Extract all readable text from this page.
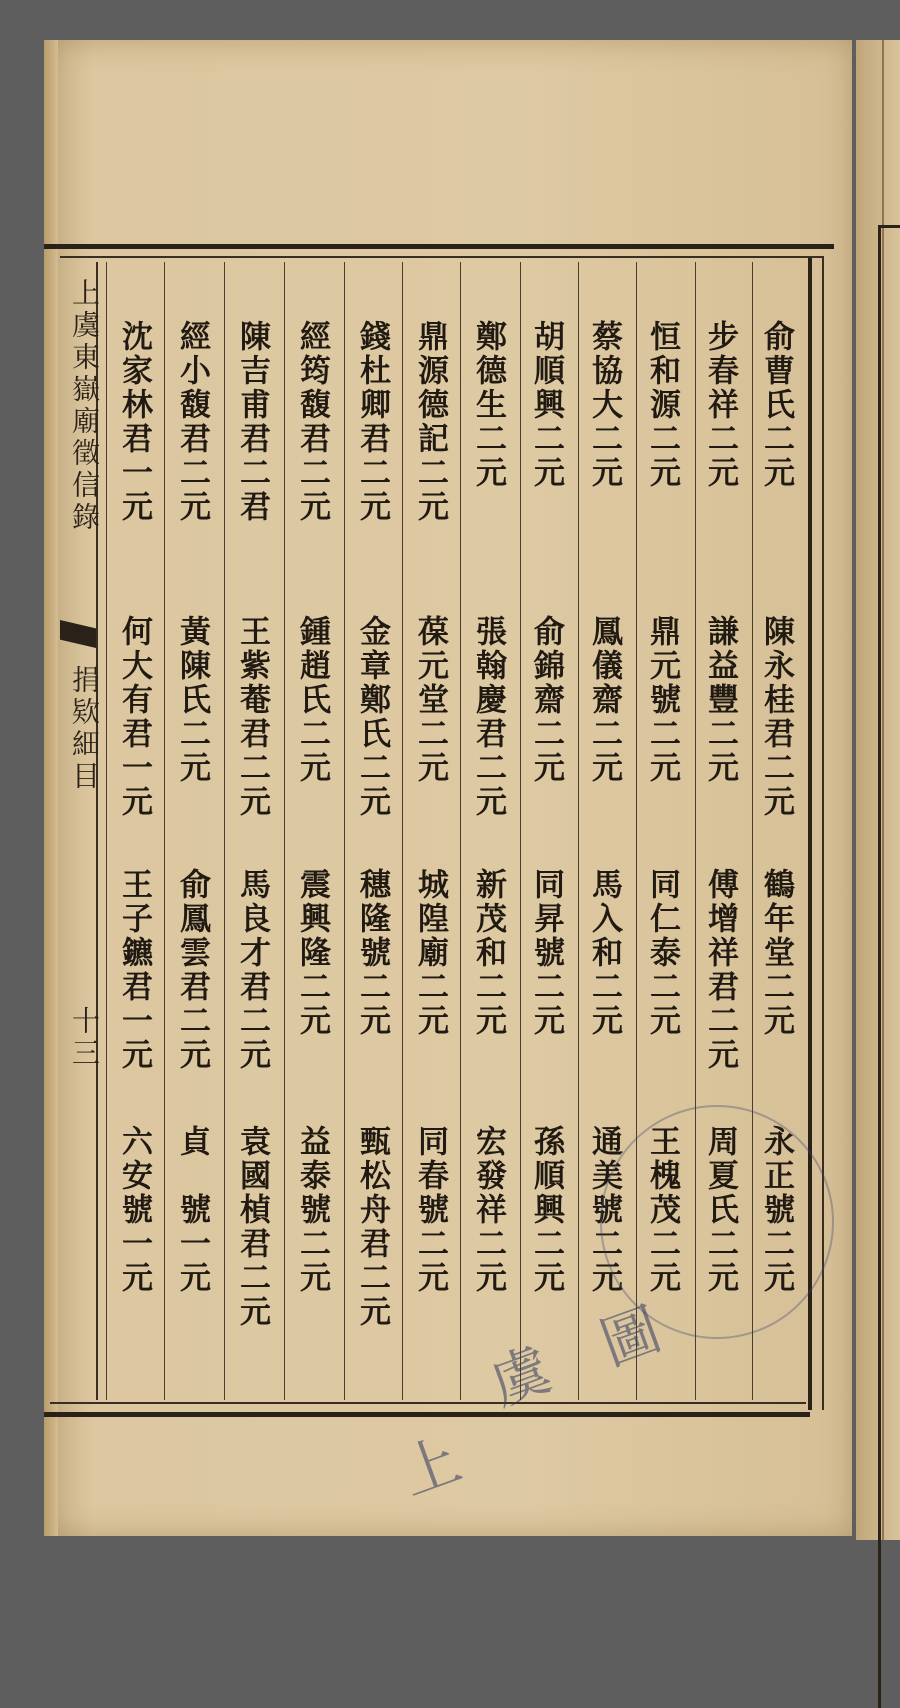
上虞東嶽廟徵信錄
捐欵細目
十三
俞曹氏二元
陳永桂君二元
鶴年堂二元
永正號二元
步春祥二元
謙益豐二元
傅增祥君二元
周夏氏二元
恒和源二元
鼎元號二元
同仁泰二元
王槐茂二元
蔡協大二元
鳳儀齋二元
馬入和二元
通美號二元
胡順興二元
俞錦齋二元
同昇號二元
孫順興二元
鄭德生二元
張翰慶君二元
新茂和二元
宏發祥二元
鼎源德記二元
葆元堂二元
城隍廟二元
同春號二元
錢杜卿君二元
金章鄭氏二元
穗隆號二元
甄松舟君二元
經筠馥君二元
鍾趙氏二元
震興隆二元
益泰號二元
陳吉甫君二君
王紫菴君二元
馬良才君二元
袁國楨君二元
經小馥君二元
黃陳氏二元
俞鳳雲君二元
貞　號一元
沈家林君一元
何大有君一元
王子鑣君一元
六安號一元
上
虞 圖
